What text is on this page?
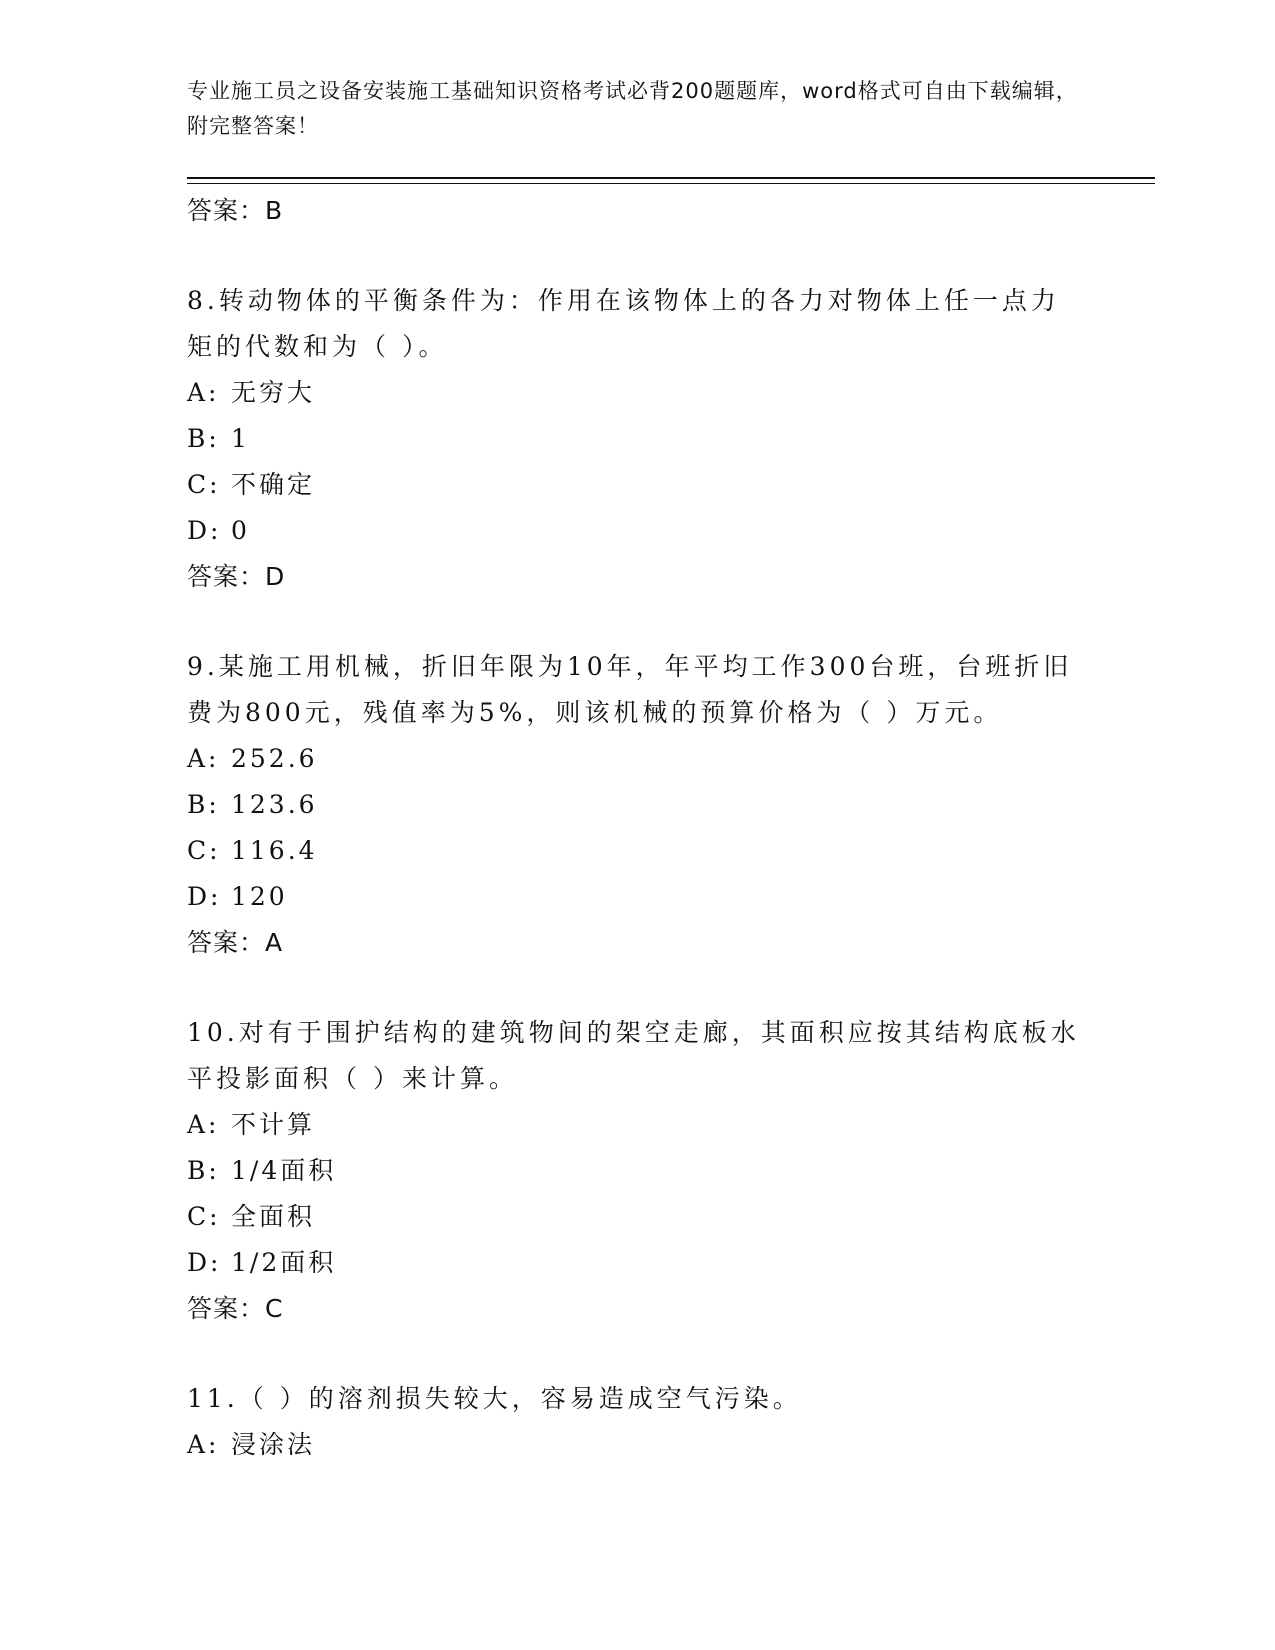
专业施工员之设备安装施工基础知识资格考试必背200题题库，word格式可自由下载编辑，附完整答案！
答案：B
8.转动物体的平衡条件为：作用在该物体上的各力对物体上任一点力矩的代数和为（ ）。
A: 无穷大
B: 1
C: 不确定
D: 0
答案：D
9.某施工用机械，折旧年限为10年，年平均工作300台班，台班折旧费为800元，残值率为5%，则该机械的预算价格为（ ）万元。
A: 252.6
B: 123.6
C: 116.4
D: 120
答案：A
10.对有于围护结构的建筑物间的架空走廊，其面积应按其结构底板水平投影面积（ ）来计算。
A: 不计算
B: 1/4面积
C: 全面积
D: 1/2面积
答案：C
11.（ ）的溶剂损失较大，容易造成空气污染。
A: 浸涂法
